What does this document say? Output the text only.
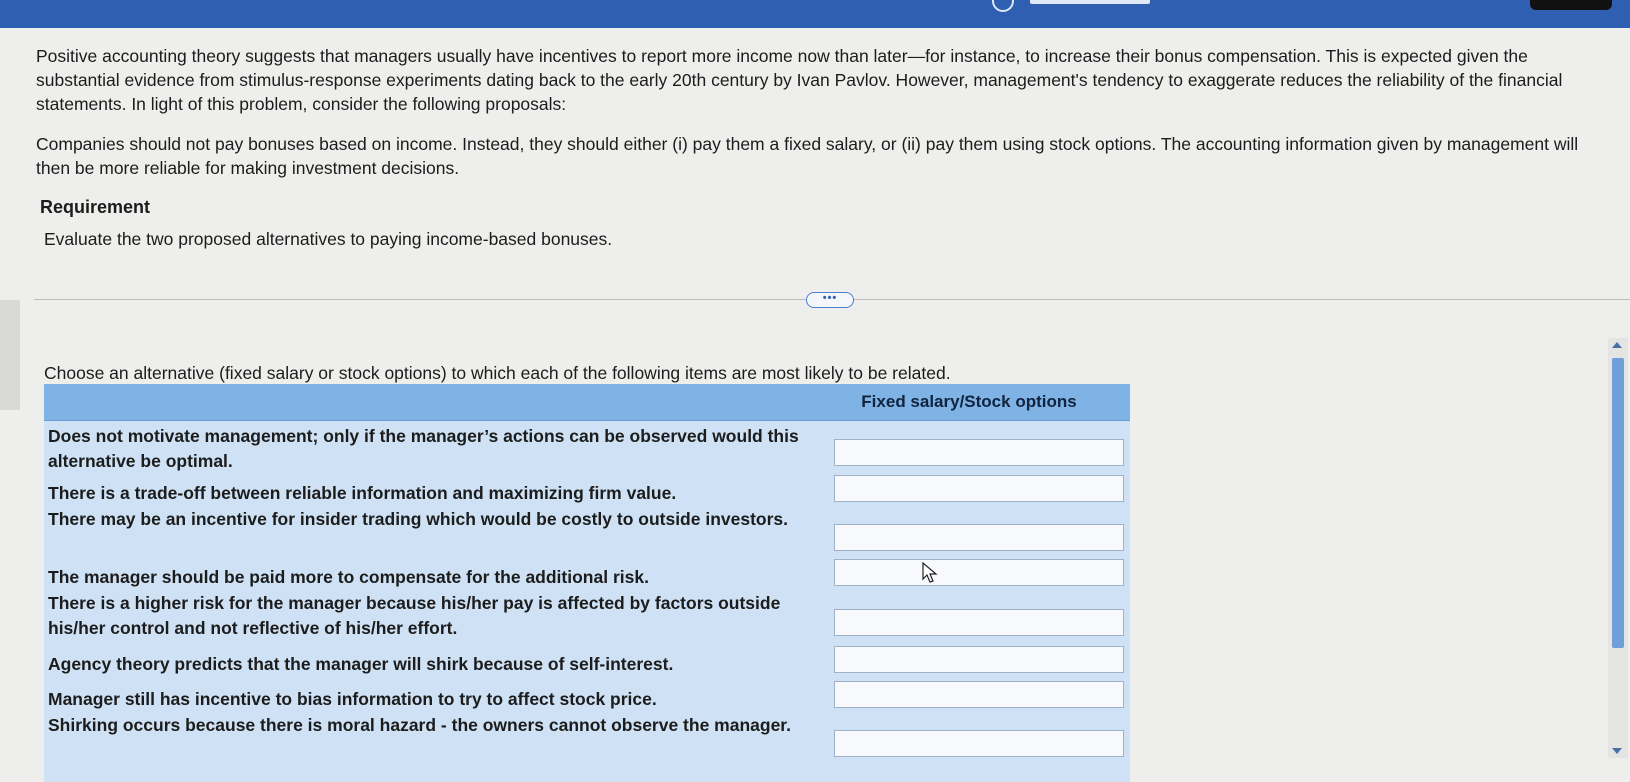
Positive accounting theory suggests that managers usually have incentives to report more income now than later—for instance, to increase their bonus compensation. This is expected given the substantial evidence from stimulus-response experiments dating back to the early 20th century by Ivan Pavlov. However, management's tendency to exaggerate reduces the reliability of the financial statements. In light of this problem, consider the following proposals:

Companies should not pay bonuses based on income. Instead, they should either (i) pay them a fixed salary, or (ii) pay them using stock options. The accounting information given by management will then be more reliable for making investment decisions.

Requirement
Evaluate the two proposed alternatives to paying income-based bonuses.
•••
Choose an alternative (fixed salary or stock options) to which each of the following items are most likely to be related.
Fixed salary/Stock options
Does not motivate management; only if the manager’s actions can be observed would this alternative be optimal.
There is a trade-off between reliable information and maximizing firm value.
There may be an incentive for insider trading which would be costly to outside investors.
The manager should be paid more to compensate for the additional risk.
There is a higher risk for the manager because his/her pay is affected by factors outside his/her control and not reflective of his/her effort.
Agency theory predicts that the manager will shirk because of self-interest.
Manager still has incentive to bias information to try to affect stock price.
Shirking occurs because there is moral hazard - the owners cannot observe the manager.
